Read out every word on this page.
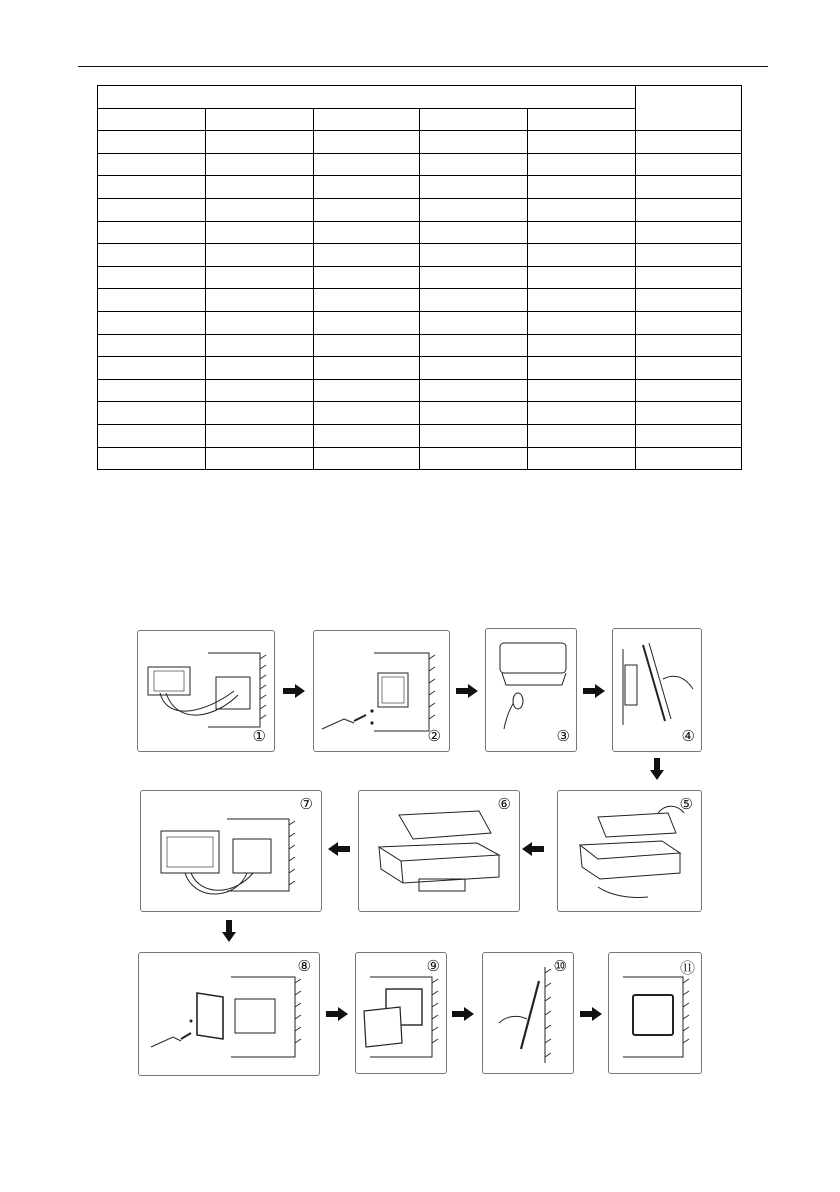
①	②	③	④
⑦	⑥	⑤
⑧	⑨	⑩	⑪
